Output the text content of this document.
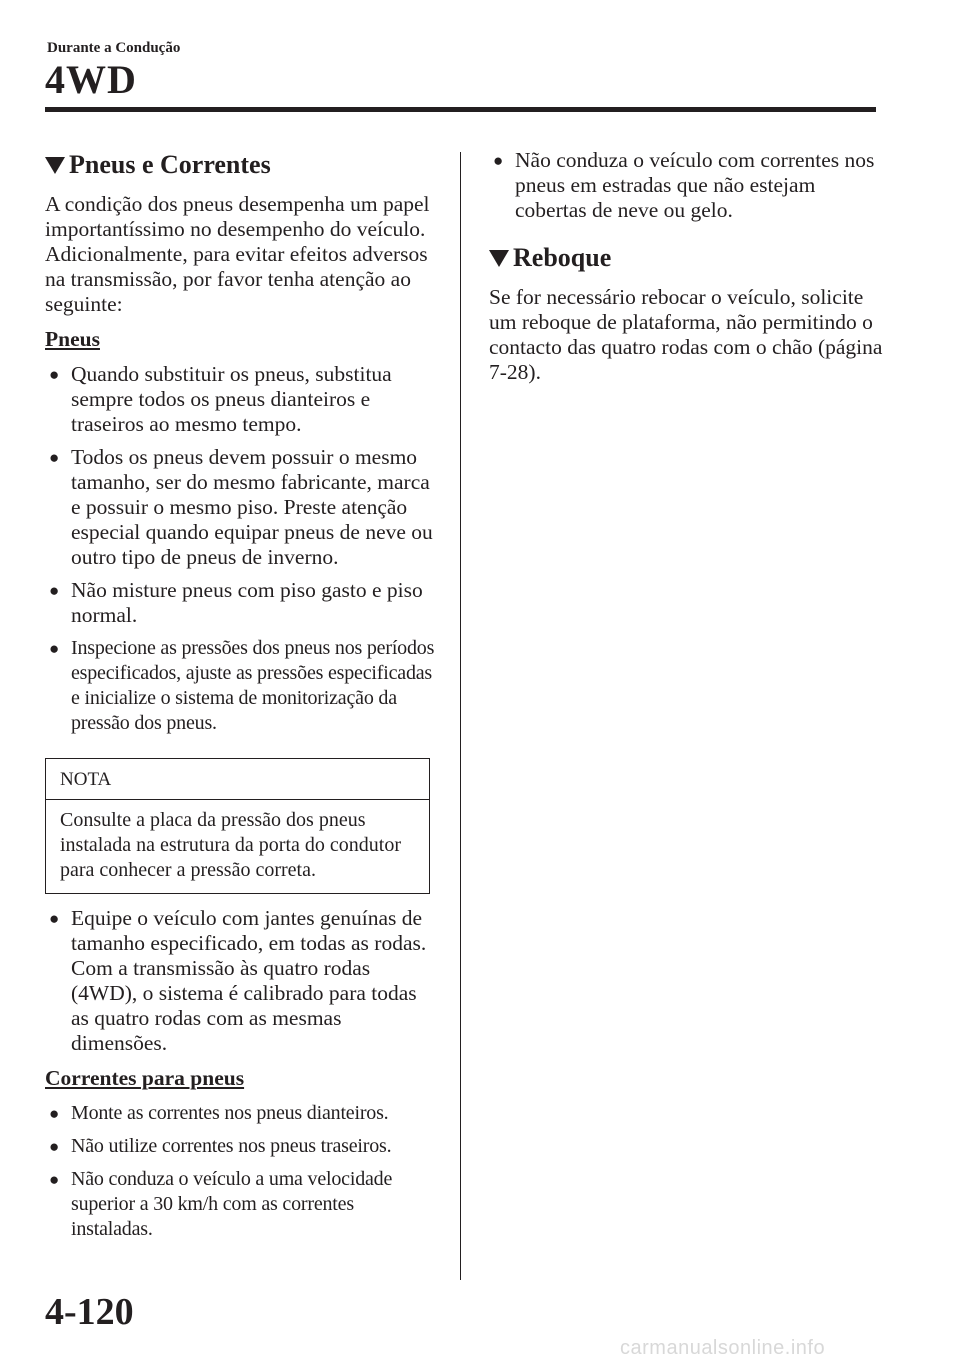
Durante a Condução
4WD
Pneus e Correntes

A condição dos pneus desempenha um papel importantíssimo no desempenho do veículo. Adicionalmente, para evitar efeitos adversos na transmissão, por favor tenha atenção ao seguinte:

Pneus
● Quando substituir os pneus, substitua sempre todos os pneus dianteiros e traseiros ao mesmo tempo.
● Todos os pneus devem possuir o mesmo tamanho, ser do mesmo fabricante, marca e possuir o mesmo piso. Preste atenção especial quando equipar pneus de neve ou outro tipo de pneus de inverno.
● Não misture pneus com piso gasto e piso normal.
● Inspecione as pressões dos pneus nos períodos especificados, ajuste as pressões especificadas e inicialize o sistema de monitorização da pressão dos pneus.
NOTA
Consulte a placa da pressão dos pneus instalada na estrutura da porta do condutor para conhecer a pressão correta.
● Equipe o veículo com jantes genuínas de tamanho especificado, em todas as rodas. Com a transmissão às quatro rodas (4WD), o sistema é calibrado para todas as quatro rodas com as mesmas dimensões.
Correntes para pneus
● Monte as correntes nos pneus dianteiros.
● Não utilize correntes nos pneus traseiros.
● Não conduza o veículo a uma velocidade superior a 30 km/h com as correntes instaladas.
● Não conduza o veículo com correntes nos pneus em estradas que não estejam cobertas de neve ou gelo.
Reboque

Se for necessário rebocar o veículo, solicite um reboque de plataforma, não permitindo o contacto das quatro rodas com o chão (página 7-28).

4-120
carmanualsonline.info
